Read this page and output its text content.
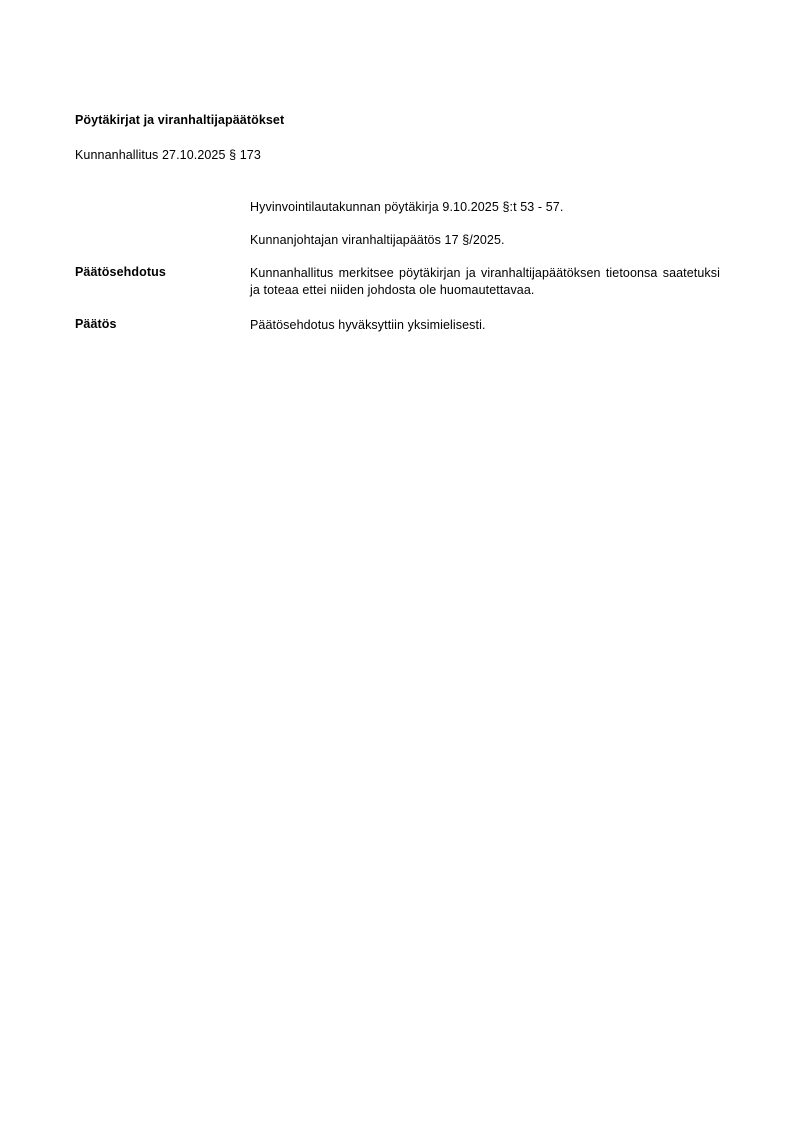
Pöytäkirjat ja viranhaltijapäätökset
Kunnanhallitus 27.10.2025 § 173
Hyvinvointilautakunnan pöytäkirja 9.10.2025 §:t 53 - 57.
Kunnanjohtajan viranhaltijapäätös 17 §/2025.
Päätösehdotus	Kunnanhallitus merkitsee pöytäkirjan ja viranhaltijapäätöksen tietoonsa saatetuksi ja toteaa ettei niiden johdosta ole huomautettavaa.
Päätös	Päätösehdotus hyväksyttiin yksimielisesti.
